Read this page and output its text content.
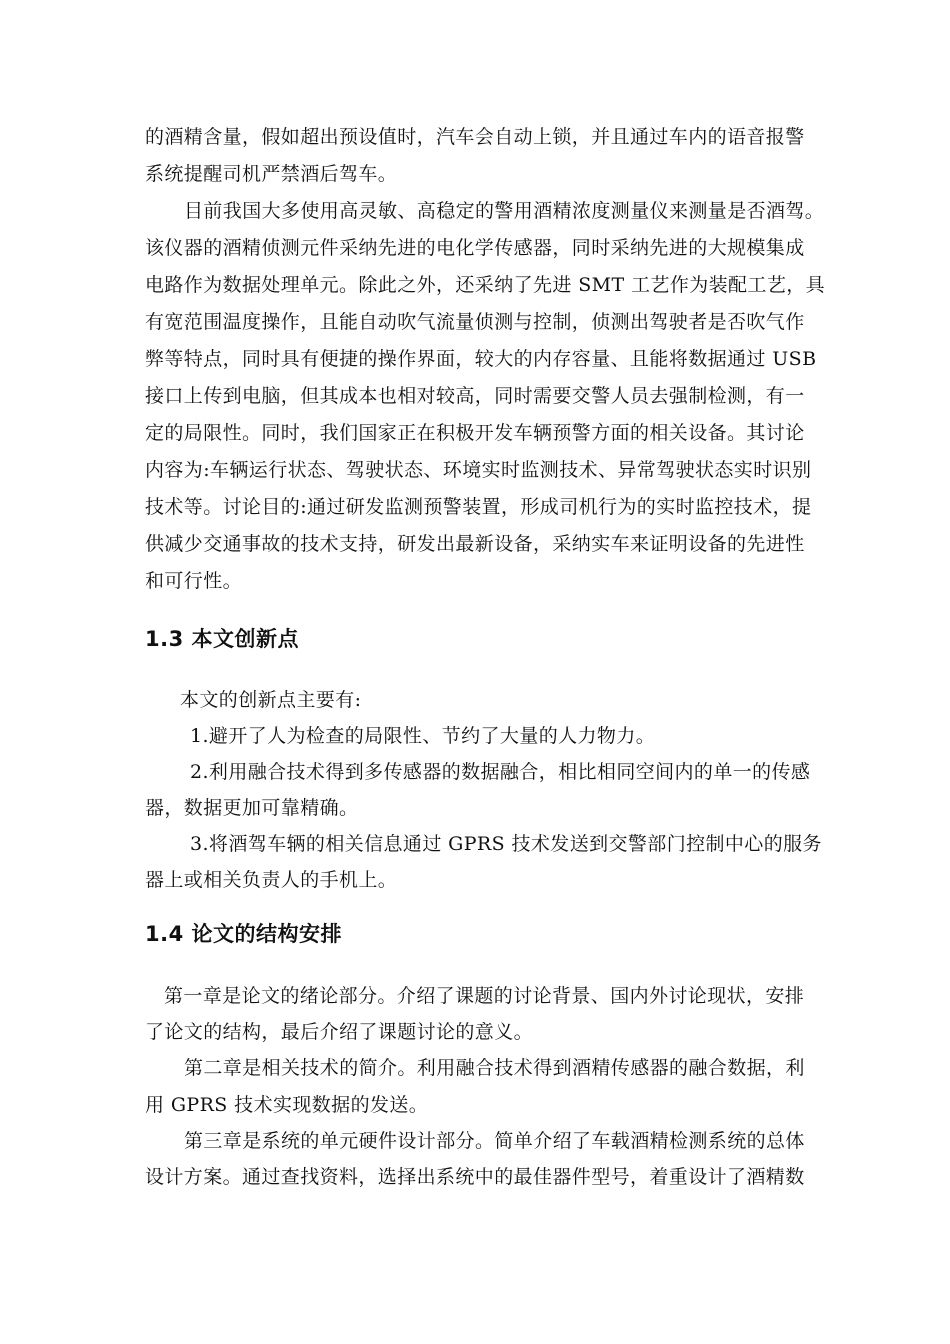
的酒精含量，假如超出预设值时，汽车会自动上锁，并且通过车内的语音报警
系统提醒司机严禁酒后驾车。
目前我国大多使用高灵敏、高稳定的警用酒精浓度测量仪来测量是否酒驾。
该仪器的酒精侦测元件采纳先进的电化学传感器，同时采纳先进的大规模集成
电路作为数据处理单元。除此之外，还采纳了先进 SMT 工艺作为装配工艺，具
有宽范围温度操作，且能自动吹气流量侦测与控制，侦测出驾驶者是否吹气作
弊等特点，同时具有便捷的操作界面，较大的内存容量、且能将数据通过 USB
接口上传到电脑，但其成本也相对较高，同时需要交警人员去强制检测，有一
定的局限性。同时，我们国家正在积极开发车辆预警方面的相关设备。其讨论
内容为:车辆运行状态、驾驶状态、环境实时监测技术、异常驾驶状态实时识别
技术等。讨论目的:通过研发监测预警装置，形成司机行为的实时监控技术，提
供减少交通事故的技术支持，研发出最新设备，采纳实车来证明设备的先进性
和可行性。
1.3 本文创新点
本文的创新点主要有:
1.避开了人为检查的局限性、节约了大量的人力物力。
2.利用融合技术得到多传感器的数据融合，相比相同空间内的单一的传感
器，数据更加可靠精确。
3.将酒驾车辆的相关信息通过 GPRS 技术发送到交警部门控制中心的服务
器上或相关负责人的手机上。
1.4 论文的结构安排
第一章是论文的绪论部分。介绍了课题的讨论背景、国内外讨论现状，安排
了论文的结构，最后介绍了课题讨论的意义。
第二章是相关技术的简介。利用融合技术得到酒精传感器的融合数据，利
用 GPRS 技术实现数据的发送。
第三章是系统的单元硬件设计部分。简单介绍了车载酒精检测系统的总体
设计方案。通过查找资料，选择出系统中的最佳器件型号，着重设计了酒精数
